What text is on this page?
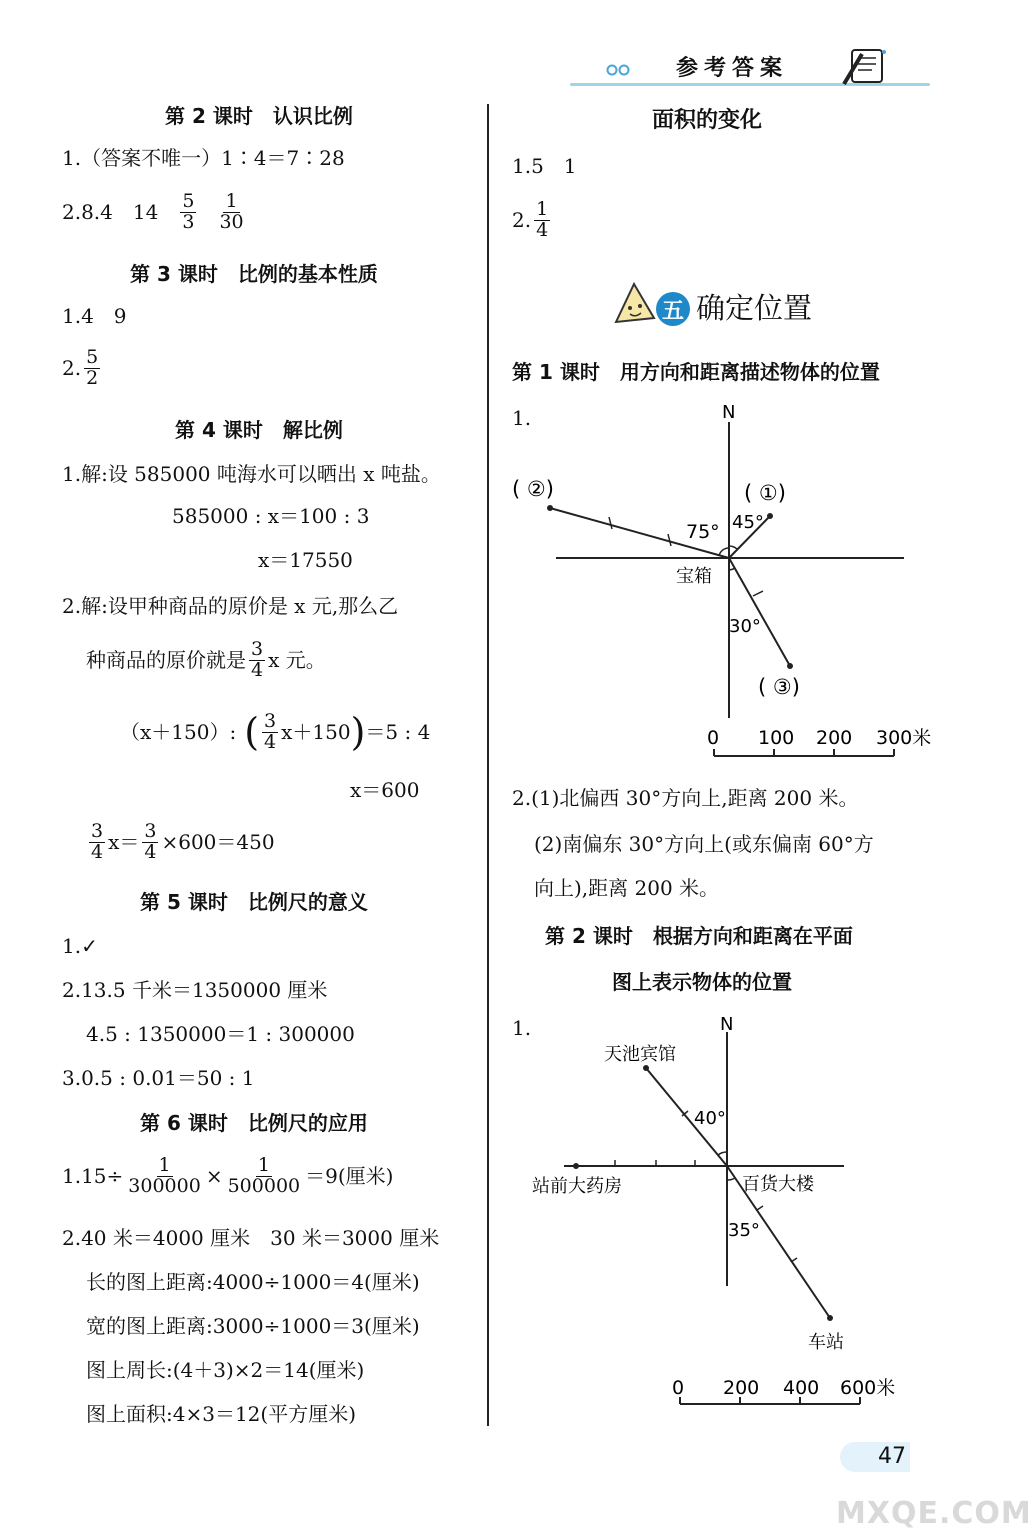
参考答案
第 2 课时　认识比例
1.（答案不唯一）1∶4＝7∶28
2.8.4　$14 \frac{5}{3} \frac{1}{30}$
第 3 课时　比例的基本性质
1.4　9
2. $\frac{5}{2}$
第 4 课时　解比例
1.解:设 585000 吨海水可以晒出 x 吨盐。
585000 : x＝100 : 3
x＝17550
2.解:设甲种商品的原价是 x 元,那么乙
种商品的原价就是 $\frac{3}{4}$ x 元。
（x＋150）: ( $\frac{3}{4} x+150$ ) ＝5 : 4
x＝600
$\frac{3}{4} x= \frac{3}{4} \times 600=450$
第 5 课时　比例尺的意义
1.✓
2.13.5 千米＝1350000 厘米
4.5 : 1350000＝1 : 300000
3.0.5 : 0.01＝50 : 1
第 6 课时　比例尺的应用
$1.15\div \frac{1}{300000} \times \frac{1}{500000} =9$(厘米)
2.40 米＝4000 厘米　30 米＝3000 厘米
长的图上距离:4000÷1000＝4(厘米)
宽的图上距离:3000÷1000＝3(厘米)
图上周长:(4＋3)×2＝14(厘米)
图上面积:4×3＝12(平方厘米)
面积的变化
1.5　1
2. $\frac{1}{4}$
五 确定位置
第 1 课时　用方向和距离描述物体的位置
1.	N
75° 45°
30°
( ②)	( ①)
( ③)
宝箱
0 100 200 300米
2.(1)北偏西 30°方向上,距离 200 米。
(2)南偏东 30°方向上(或东偏南 60°方
向上),距离 200 米。
第 2 课时　根据方向和距离在平面
图上表示物体的位置
1.	N
40°
35°
天池宾馆
站前大药房	百货大楼
车站
0 200 400 600米
47
MXQE.COM
